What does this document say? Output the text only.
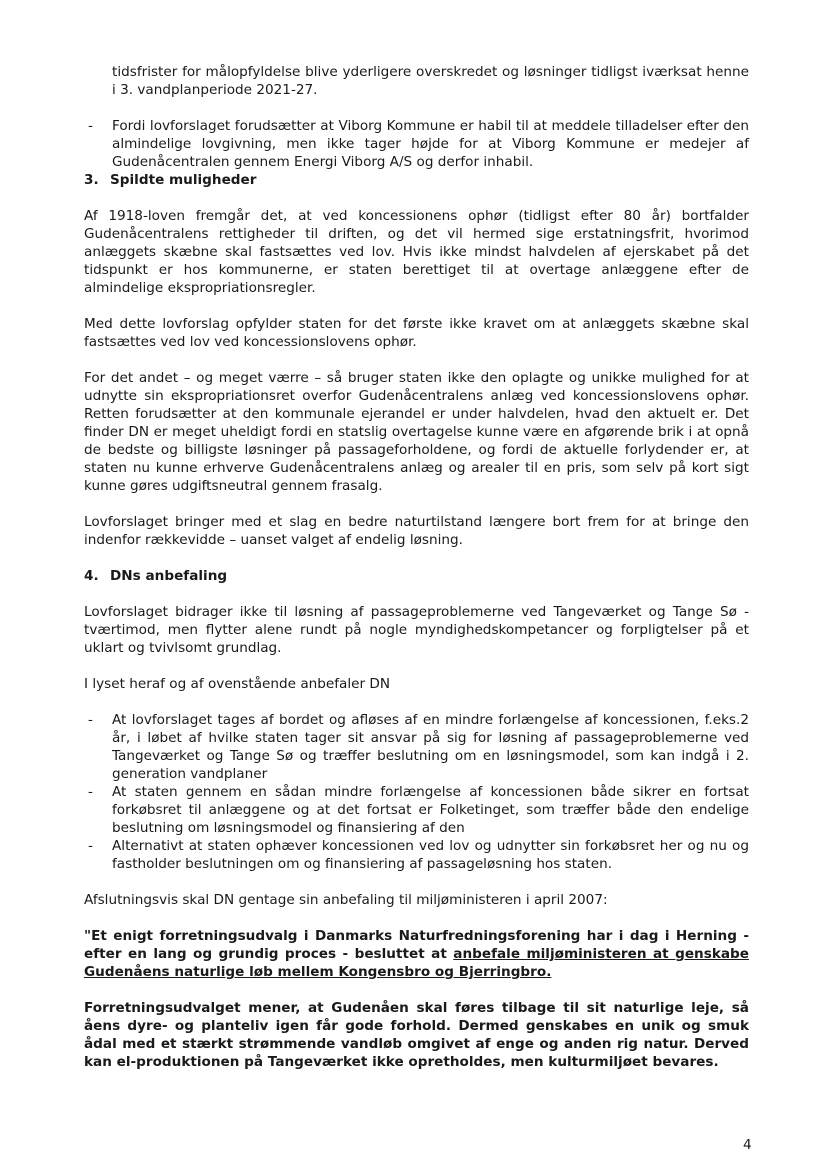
tidsfrister for målopfyldelse blive yderligere overskredet og løsninger tidligst iværksat henne i 3. vandplanperiode 2021-27.

- Fordi lovforslaget forudsætter at Viborg Kommune er habil til at meddele tilladelser efter den almindelige lovgivning, men ikke tager højde for at Viborg Kommune er medejer af Gudenåcentralen gennem Energi Viborg A/S og derfor inhabil.
3. Spildte muligheder

Af 1918-loven fremgår det, at ved koncessionens ophør (tidligst efter 80 år) bortfalder Gudenåcentralens rettigheder til driften, og det vil hermed sige erstatningsfrit, hvorimod anlæggets skæbne skal fastsættes ved lov. Hvis ikke mindst halvdelen af ejerskabet på det tidspunkt er hos kommunerne, er staten berettiget til at overtage anlæggene efter de almindelige ekspropriationsregler.

Med dette lovforslag opfylder staten for det første ikke kravet om at anlæggets skæbne skal fastsættes ved lov ved koncessionslovens ophør.

For det andet – og meget værre – så bruger staten ikke den oplagte og unikke mulighed for at udnytte sin ekspropriationsret overfor Gudenåcentralens anlæg ved koncessionslovens ophør. Retten forudsætter at den kommunale ejerandel er under halvdelen, hvad den aktuelt er. Det finder DN er meget uheldigt fordi en statslig overtagelse kunne være en afgørende brik i at opnå de bedste og billigste løsninger på passageforholdene, og fordi de aktuelle forlydender er, at staten nu kunne erhverve Gudenåcentralens anlæg og arealer til en pris, som selv på kort sigt kunne gøres udgiftsneutral gennem frasalg.

Lovforslaget bringer med et slag en bedre naturtilstand længere bort frem for at bringe den indenfor rækkevidde – uanset valget af endelig løsning.

4. DNs anbefaling

Lovforslaget bidrager ikke til løsning af passageproblemerne ved Tangeværket og Tange Sø - tværtimod, men flytter alene rundt på nogle myndighedskompetancer og forpligtelser på et uklart og tvivlsomt grundlag.

I lyset heraf og af ovenstående anbefaler DN

- At lovforslaget tages af bordet og afløses af en mindre forlængelse af koncessionen, f.eks.2 år, i løbet af hvilke staten tager sit ansvar på sig for løsning af passageproblemerne ved Tangeværket og Tange Sø og træffer beslutning om en løsningsmodel, som kan indgå i 2. generation vandplaner
- At staten gennem en sådan mindre forlængelse af koncessionen både sikrer en fortsat forkøbsret til anlæggene og at det fortsat er Folketinget, som træffer både den endelige beslutning om løsningsmodel og finansiering af den
- Alternativt at staten ophæver koncessionen ved lov og udnytter sin forkøbsret her og nu og fastholder beslutningen om og finansiering af passageløsning hos staten.

Afslutningsvis skal DN gentage sin anbefaling til miljøministeren i april 2007:

"Et enigt forretningsudvalg i Danmarks Naturfredningsforening har i dag i Herning - efter en lang og grundig proces - besluttet at anbefale miljøministeren at genskabe Gudenåens naturlige løb mellem Kongensbro og Bjerringbro.

Forretningsudvalget mener, at Gudenåen skal føres tilbage til sit naturlige leje, så åens dyre- og planteliv igen får gode forhold. Dermed genskabes en unik og smuk ådal med et stærkt strømmende vandløb omgivet af enge og anden rig natur. Derved kan el-produktionen på Tangeværket ikke opretholdes, men kulturmiljøet bevares.

4
